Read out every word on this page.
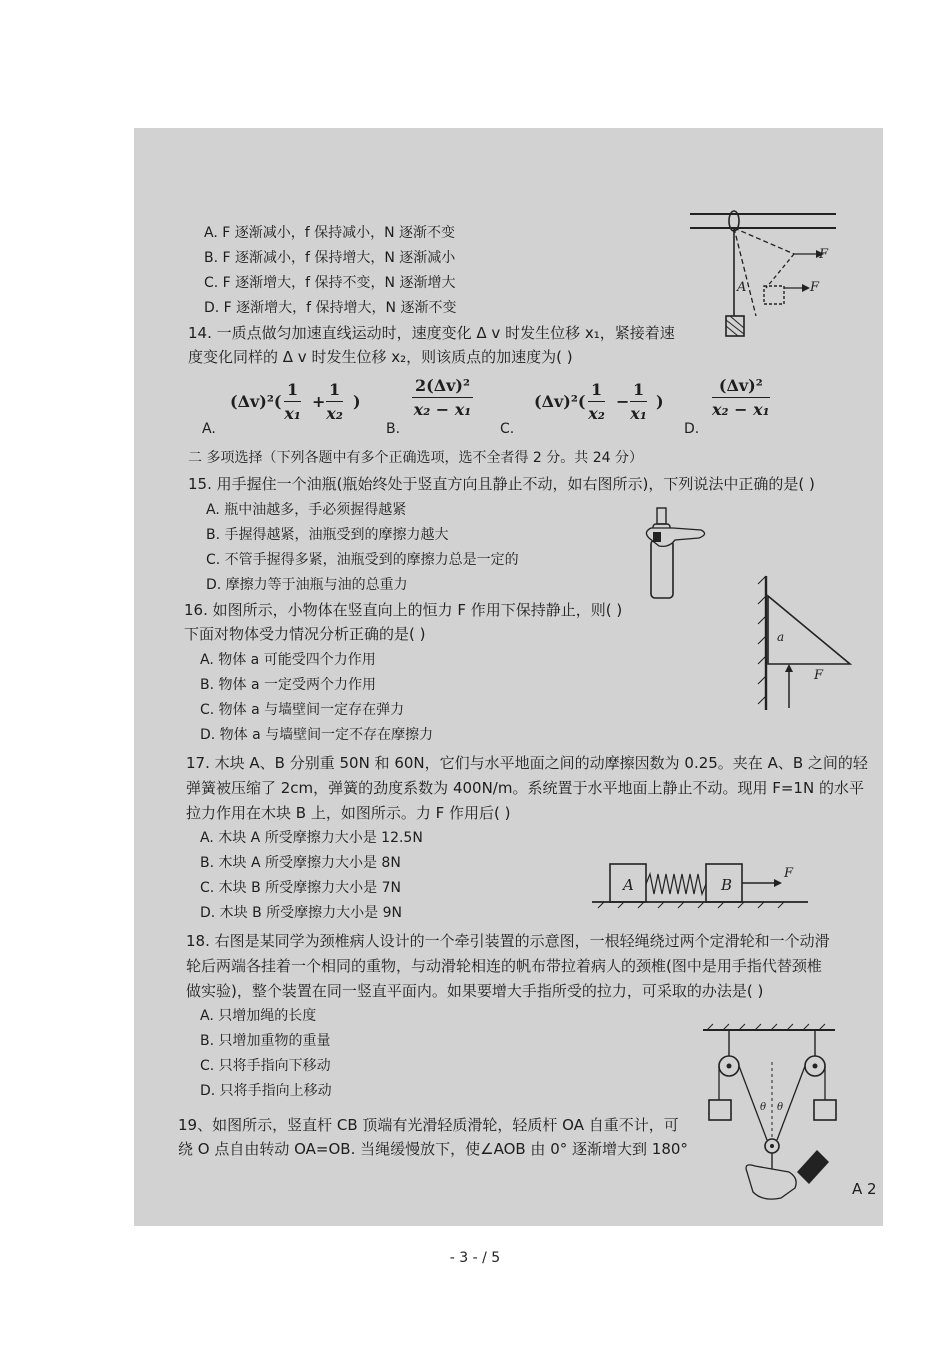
A. F 逐渐减小，f 保持减小，N 逐渐不变
B. F 逐渐减小，f 保持增大，N 逐渐减小
C. F 逐渐增大，f 保持不变，N 逐渐增大
D. F 逐渐增大，f 保持增大，N 逐渐不变
F
F
A
14. 一质点做匀加速直线运动时，速度变化 Δ v 时发生位移 x₁，紧接着速
度变化同样的 Δ v 时发生位移 x₂，则该质点的加速度为( )
A.
$(\Delta v)^2( \frac{1}{\text{x₁}} + \frac{1}{\text{x₂}}$ )
B.
$\frac{\text{2(Δv)²}}{\text{x₂ − x₁}}$
C.
$(\Delta v)^2( \frac{1}{\text{x₂}} - \frac{1}{\text{x₁}}$ )
D.
$\frac{\text{(Δv)²}}{\text{x₂ − x₁}}$
二 多项选择（下列各题中有多个正确选项，选不全者得 2 分。共 24 分）
15. 用手握住一个油瓶(瓶始终处于竖直方向且静止不动，如右图所示)，下列说法中正确的是( )
A. 瓶中油越多，手必须握得越紧
B. 手握得越紧，油瓶受到的摩擦力越大
C. 不管手握得多紧，油瓶受到的摩擦力总是一定的
D. 摩擦力等于油瓶与油的总重力
16. 如图所示，小物体在竖直向上的恒力 F 作用下保持静止，则( )
下面对物体受力情况分析正确的是( )
A. 物体 a 可能受四个力作用
B. 物体 a 一定受两个力作用
C. 物体 a 与墙壁间一定存在弹力
D. 物体 a 与墙壁间一定不存在摩擦力
a
F
17. 木块 A、B 分别重 50N 和 60N，它们与水平地面之间的动摩擦因数为 0.25。夹在 A、B 之间的轻
弹簧被压缩了 2cm，弹簧的劲度系数为 400N/m。系统置于水平地面上静止不动。现用 F=1N 的水平
拉力作用在木块 B 上，如图所示。力 F 作用后( )
A. 木块 A 所受摩擦力大小是 12.5N
B. 木块 A 所受摩擦力大小是 8N
C. 木块 B 所受摩擦力大小是 7N
D. 木块 B 所受摩擦力大小是 9N
A	B
F
18. 右图是某同学为颈椎病人设计的一个牵引装置的示意图，一根轻绳绕过两个定滑轮和一个动滑
轮后两端各挂着一个相同的重物，与动滑轮相连的帆布带拉着病人的颈椎(图中是用手指代替颈椎
做实验)，整个装置在同一竖直平面内。如果要增大手指所受的拉力，可采取的办法是( )
A. 只增加绳的长度
B. 只增加重物的重量
C. 只将手指向下移动
D. 只将手指向上移动
θ θ
19、如图所示，竖直杆 CB 顶端有光滑轻质滑轮，轻质杆 OA 自重不计，可
绕 O 点自由转动 OA=OB. 当绳缓慢放下，使∠AOB 由 0° 逐渐增大到 180°
A 2
- 3 - / 5
